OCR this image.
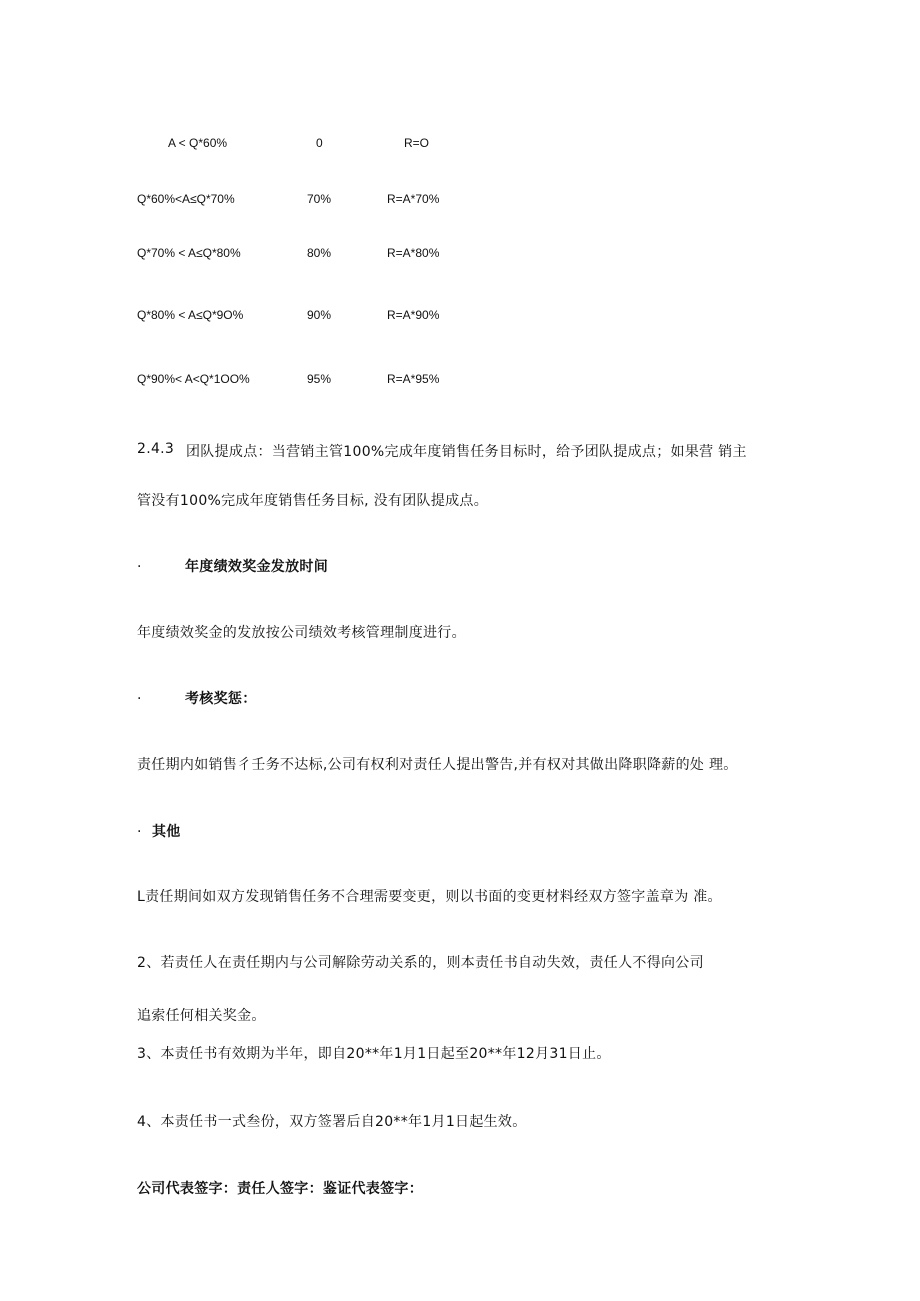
A < Q*60%	0	R=O
Q*60%<A≤Q*70%	70%	R=A*70%
Q*70% < A≤Q*80%	80%	R=A*80%
Q*80% < A≤Q*9O%	90%	R=A*90%
Q*90%< A<Q*1OO%	95%	R=A*95%
2.4.3 团队提成点：当营销主管100%完成年度销售任务目标时，给予团队提成点；如果营 销主
管没有100%完成年度销售任务目标, 没有团队提成点。
.	年度绩效奖金发放时间
年度绩效奖金的发放按公司绩效考核管理制度进行。
.	考核奖惩：
责任期内如销售彳壬务不达标,公司有权利对责任人提出警告,并有权对其做出降职降薪的处 理。
. 其他
L责任期间如双方发现销售任务不合理需要变更，则以书面的变更材料经双方签字盖章为 准。
2、若责任人在责任期内与公司解除劳动关系的，则本责任书自动失效，责任人不得向公司
追索任何相关奖金。
3、本责任书有效期为半年，即自20**年1月1日起至20**年12月31日止。
4、本责任书一式叁份，双方签署后自20**年1月1日起生效。
公司代表签字：责任人签字：鉴证代表签字：
